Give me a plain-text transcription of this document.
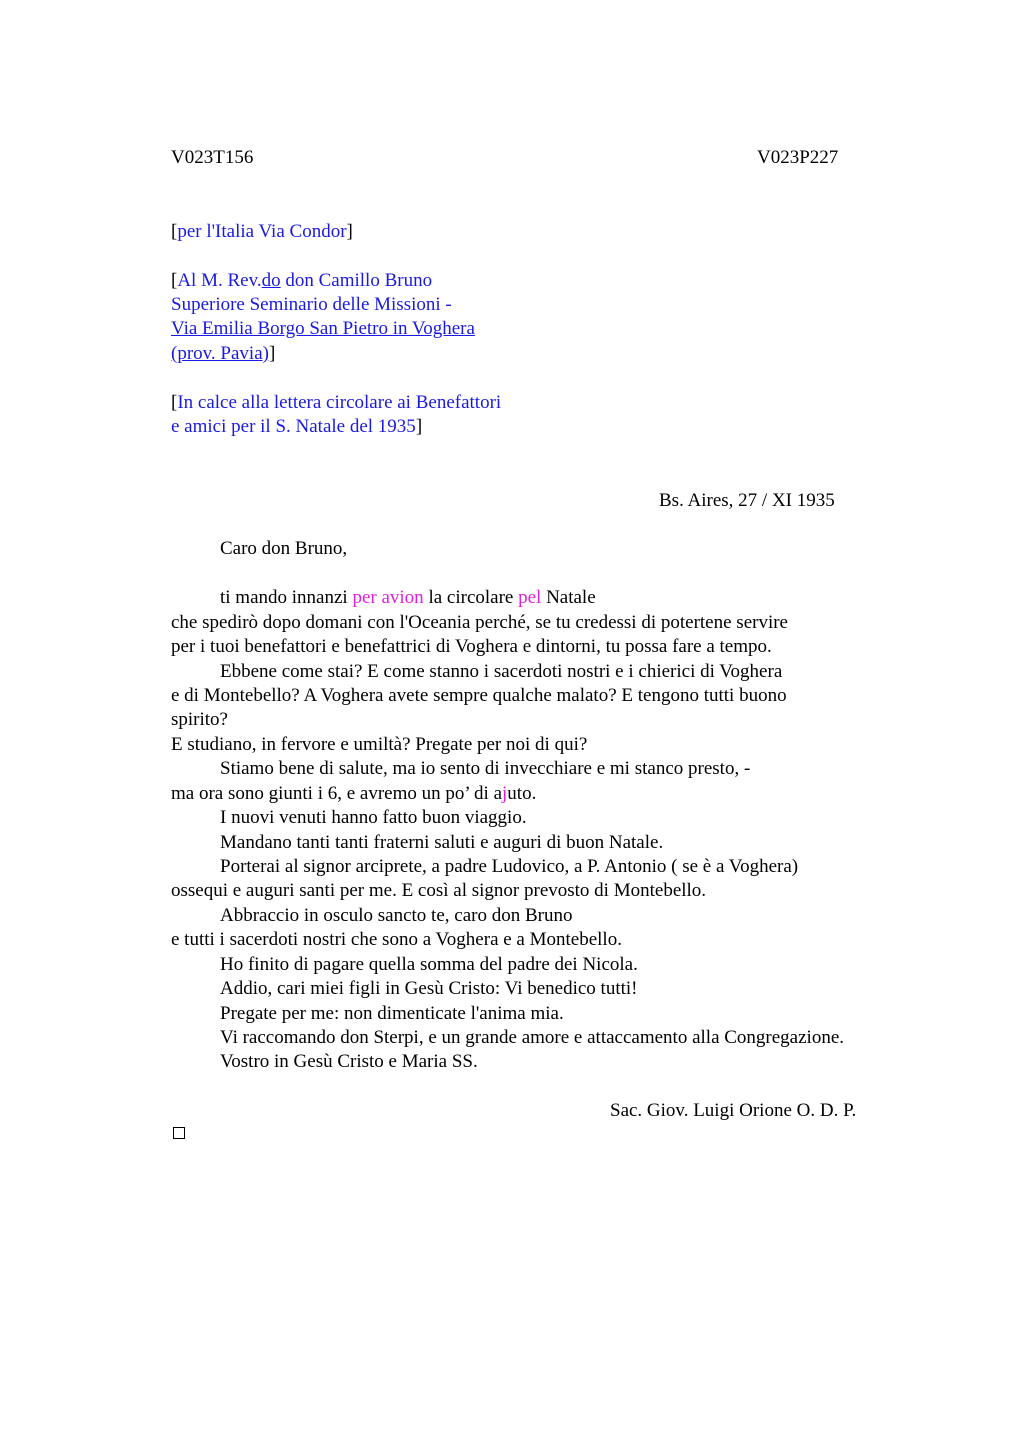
V023T156	V023P227
[per l'Italia Via Condor]
[Al M. Rev.do don Camillo Bruno
Superiore Seminario delle Missioni -
Via Emilia Borgo San Pietro in Voghera
(prov. Pavia)]
[In calce alla lettera circolare ai Benefattori
e amici per il S. Natale del 1935]
Bs. Aires, 27 / XI 1935
Caro don Bruno,
ti mando innanzi per avion la circolare pel Natale
che spedirò dopo domani con l'Oceania perché, se tu credessi di potertene servire
per i tuoi benefattori e benefattrici di Voghera e dintorni, tu possa fare a tempo.
Ebbene come stai? E come stanno i sacerdoti nostri e i chierici di Voghera
e di Montebello? A Voghera avete sempre qualche malato? E tengono tutti buono
spirito?
E studiano, in fervore e umiltà? Pregate per noi di qui?
Stiamo bene di salute, ma io sento di invecchiare e mi stanco presto, -
ma ora sono giunti i 6, e avremo un po’ di ajuto.
I nuovi venuti hanno fatto buon viaggio.
Mandano tanti tanti fraterni saluti e auguri di buon Natale.
Porterai al signor arciprete, a padre Ludovico, a P. Antonio ( se è a Voghera)
ossequi e auguri santi per me. E così al signor prevosto di Montebello.
Abbraccio in osculo sancto te, caro don Bruno
e tutti i sacerdoti nostri che sono a Voghera e a Montebello.
Ho finito di pagare quella somma del padre dei Nicola.
Addio, cari miei figli in Gesù Cristo: Vi benedico tutti!
Pregate per me: non dimenticate l'anima mia.
Vi raccomando don Sterpi, e un grande amore e attaccamento alla Congregazione.
Vostro in Gesù Cristo e Maria SS.
Sac. Giov. Luigi Orione O. D. P.
